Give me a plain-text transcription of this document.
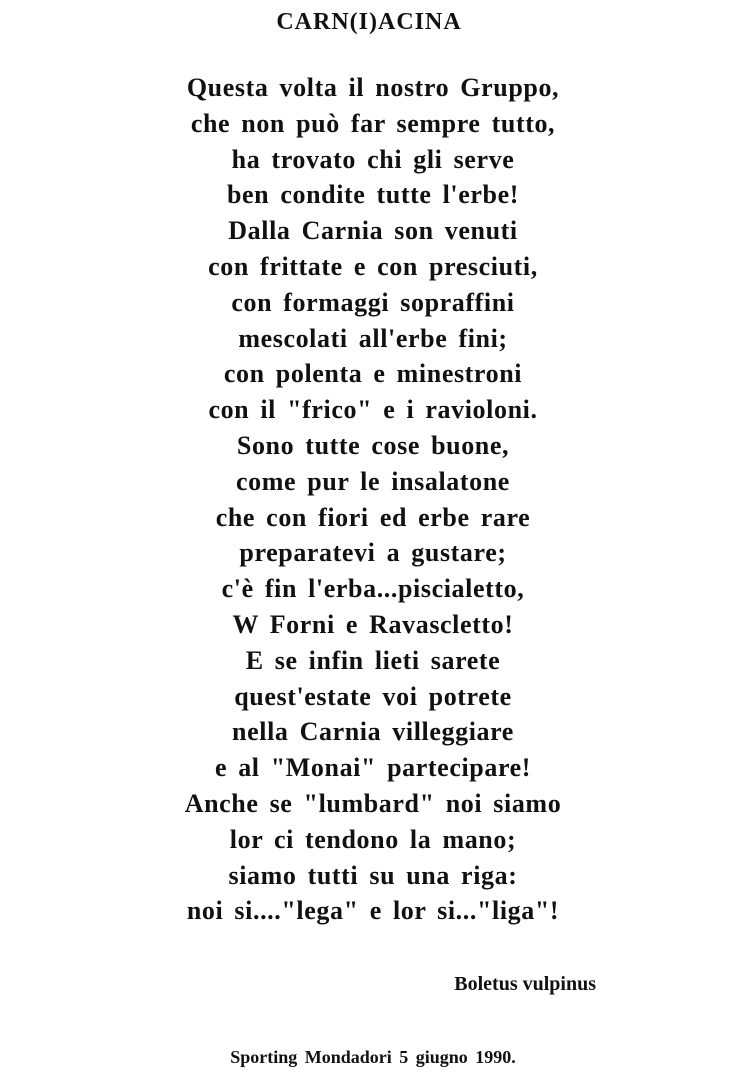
CARN(I)ACINA
Questa volta il nostro Gruppo,
che non può far sempre tutto,
ha trovato chi gli serve
ben condite tutte l'erbe!
Dalla Carnia son venuti
con frittate e con presciuti,
con formaggi sopraffini
mescolati all'erbe fini;
con polenta e minestroni
con il "frico" e i ravioloni.
Sono tutte cose buone,
come pur le insalatone
che con fiori ed erbe rare
preparatevi a gustare;
c'è fin l'erba...piscialetto,
W Forni e Ravascletto!
E se infin lieti sarete
quest'estate voi potrete
nella Carnia villeggiare
e al "Monai" partecipare!
Anche se "lumbard" noi siamo
lor ci tendono la mano;
siamo tutti su una riga:
noi si...."lega" e lor si..."liga"!
Boletus vulpinus
Sporting Mondadori 5 giugno 1990.
